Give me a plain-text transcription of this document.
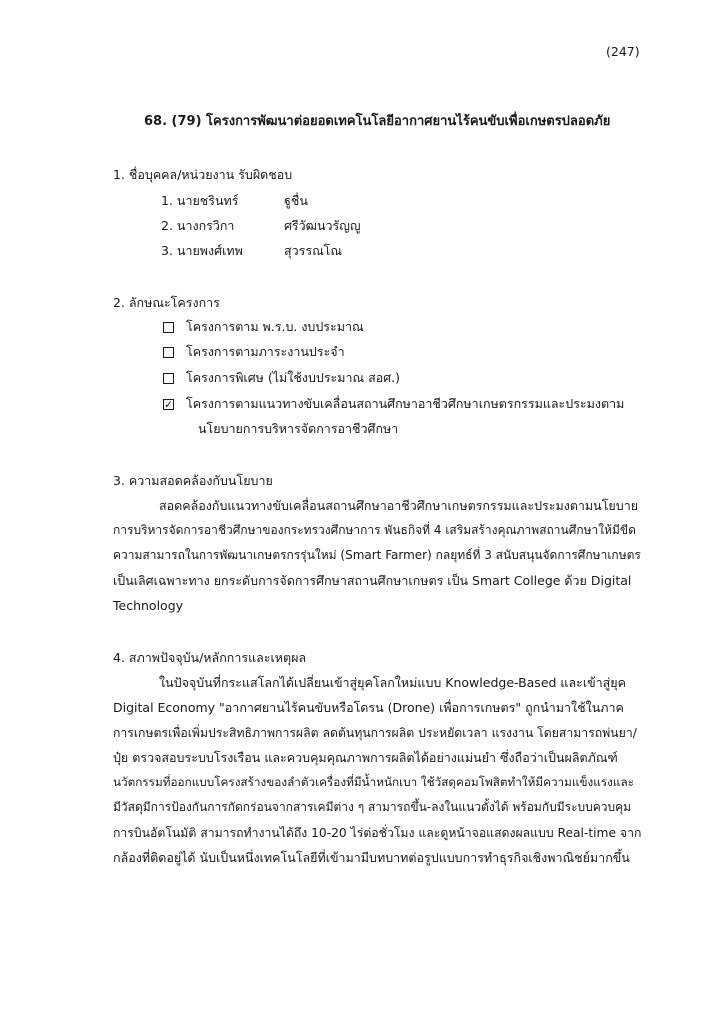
(247)
68. (79) โครงการพัฒนาต่อยอดเทคโนโลยีอากาศยานไร้คนขับเพื่อเกษตรปลอดภัย
1. ชื่อบุคคล/หน่วยงาน รับผิดชอบ
1. นายชรินทร์	ฐูชื่น
2. นางกรวิกา	ศรีวัฒนวรัญญู
3. นายพงศ์เทพ	สุวรรณโณ
2. ลักษณะโครงการ
โครงการตาม พ.ร.บ. งบประมาณ
โครงการตามภาระงานประจำ
โครงการพิเศษ (ไม่ใช้งบประมาณ สอศ.)
✓ โครงการตามแนวทางขับเคลื่อนสถานศึกษาอาชีวศึกษาเกษตรกรรมและประมงตาม
นโยบายการบริหารจัดการอาชีวศึกษา
3. ความสอดคล้องกับนโยบาย
สอดคล้องกับแนวทางขับเคลื่อนสถานศึกษาอาชีวศึกษาเกษตรกรรมและประมงตามนโยบาย
การบริหารจัดการอาชีวศึกษาของกระทรวงศึกษาการ พันธกิจที่ 4 เสริมสร้างคุณภาพสถานศึกษาให้มีขีด
ความสามารถในการพัฒนาเกษตรกรรุ่นใหม่ (Smart Farmer) กลยุทธ์ที่ 3 สนับสนุนจัดการศึกษาเกษตร
เป็นเลิศเฉพาะทาง ยกระดับการจัดการศึกษาสถานศึกษาเกษตร เป็น Smart College ด้วย Digital
Technology
4. สภาพปัจจุบัน/หลักการและเหตุผล
ในปัจจุบันที่กระแสโลกได้เปลี่ยนเข้าสู่ยุคโลกใหม่แบบ Knowledge-Based และเข้าสู่ยุค
Digital Economy "อากาศยานไร้คนขับหรือโดรน (Drone) เพื่อการเกษตร" ถูกนำมาใช้ในภาค
การเกษตรเพื่อเพิ่มประสิทธิภาพการผลิต ลดต้นทุนการผลิต ประหยัดเวลา แรงงาน โดยสามารถพ่นยา/
ปุ๋ย ตรวจสอบระบบโรงเรือน และควบคุมคุณภาพการผลิตได้อย่างแม่นยำ ซึ่งถือว่าเป็นผลิตภัณฑ์
นวัตกรรมที่ออกแบบโครงสร้างของลำตัวเครื่องที่มีน้ำหนักเบา ใช้วัสดุคอมโพสิตทำให้มีความแข็งแรงและ
มีวัสดุมีการป้องกันการกัดกร่อนจากสารเคมีต่าง ๆ สามารถขึ้น-ลงในแนวตั้งได้ พร้อมกับมีระบบควบคุม
การบินอัตโนมัติ สามารถทำงานได้ถึง 10-20 ไร่ต่อชั่วโมง และดูหน้าจอแสดงผลแบบ Real-time จาก
กล้องที่ติดอยู่ได้ นับเป็นหนึ่งเทคโนโลยีที่เข้ามามีบทบาทต่อรูปแบบการทำธุรกิจเชิงพาณิชย์มากขึ้น
